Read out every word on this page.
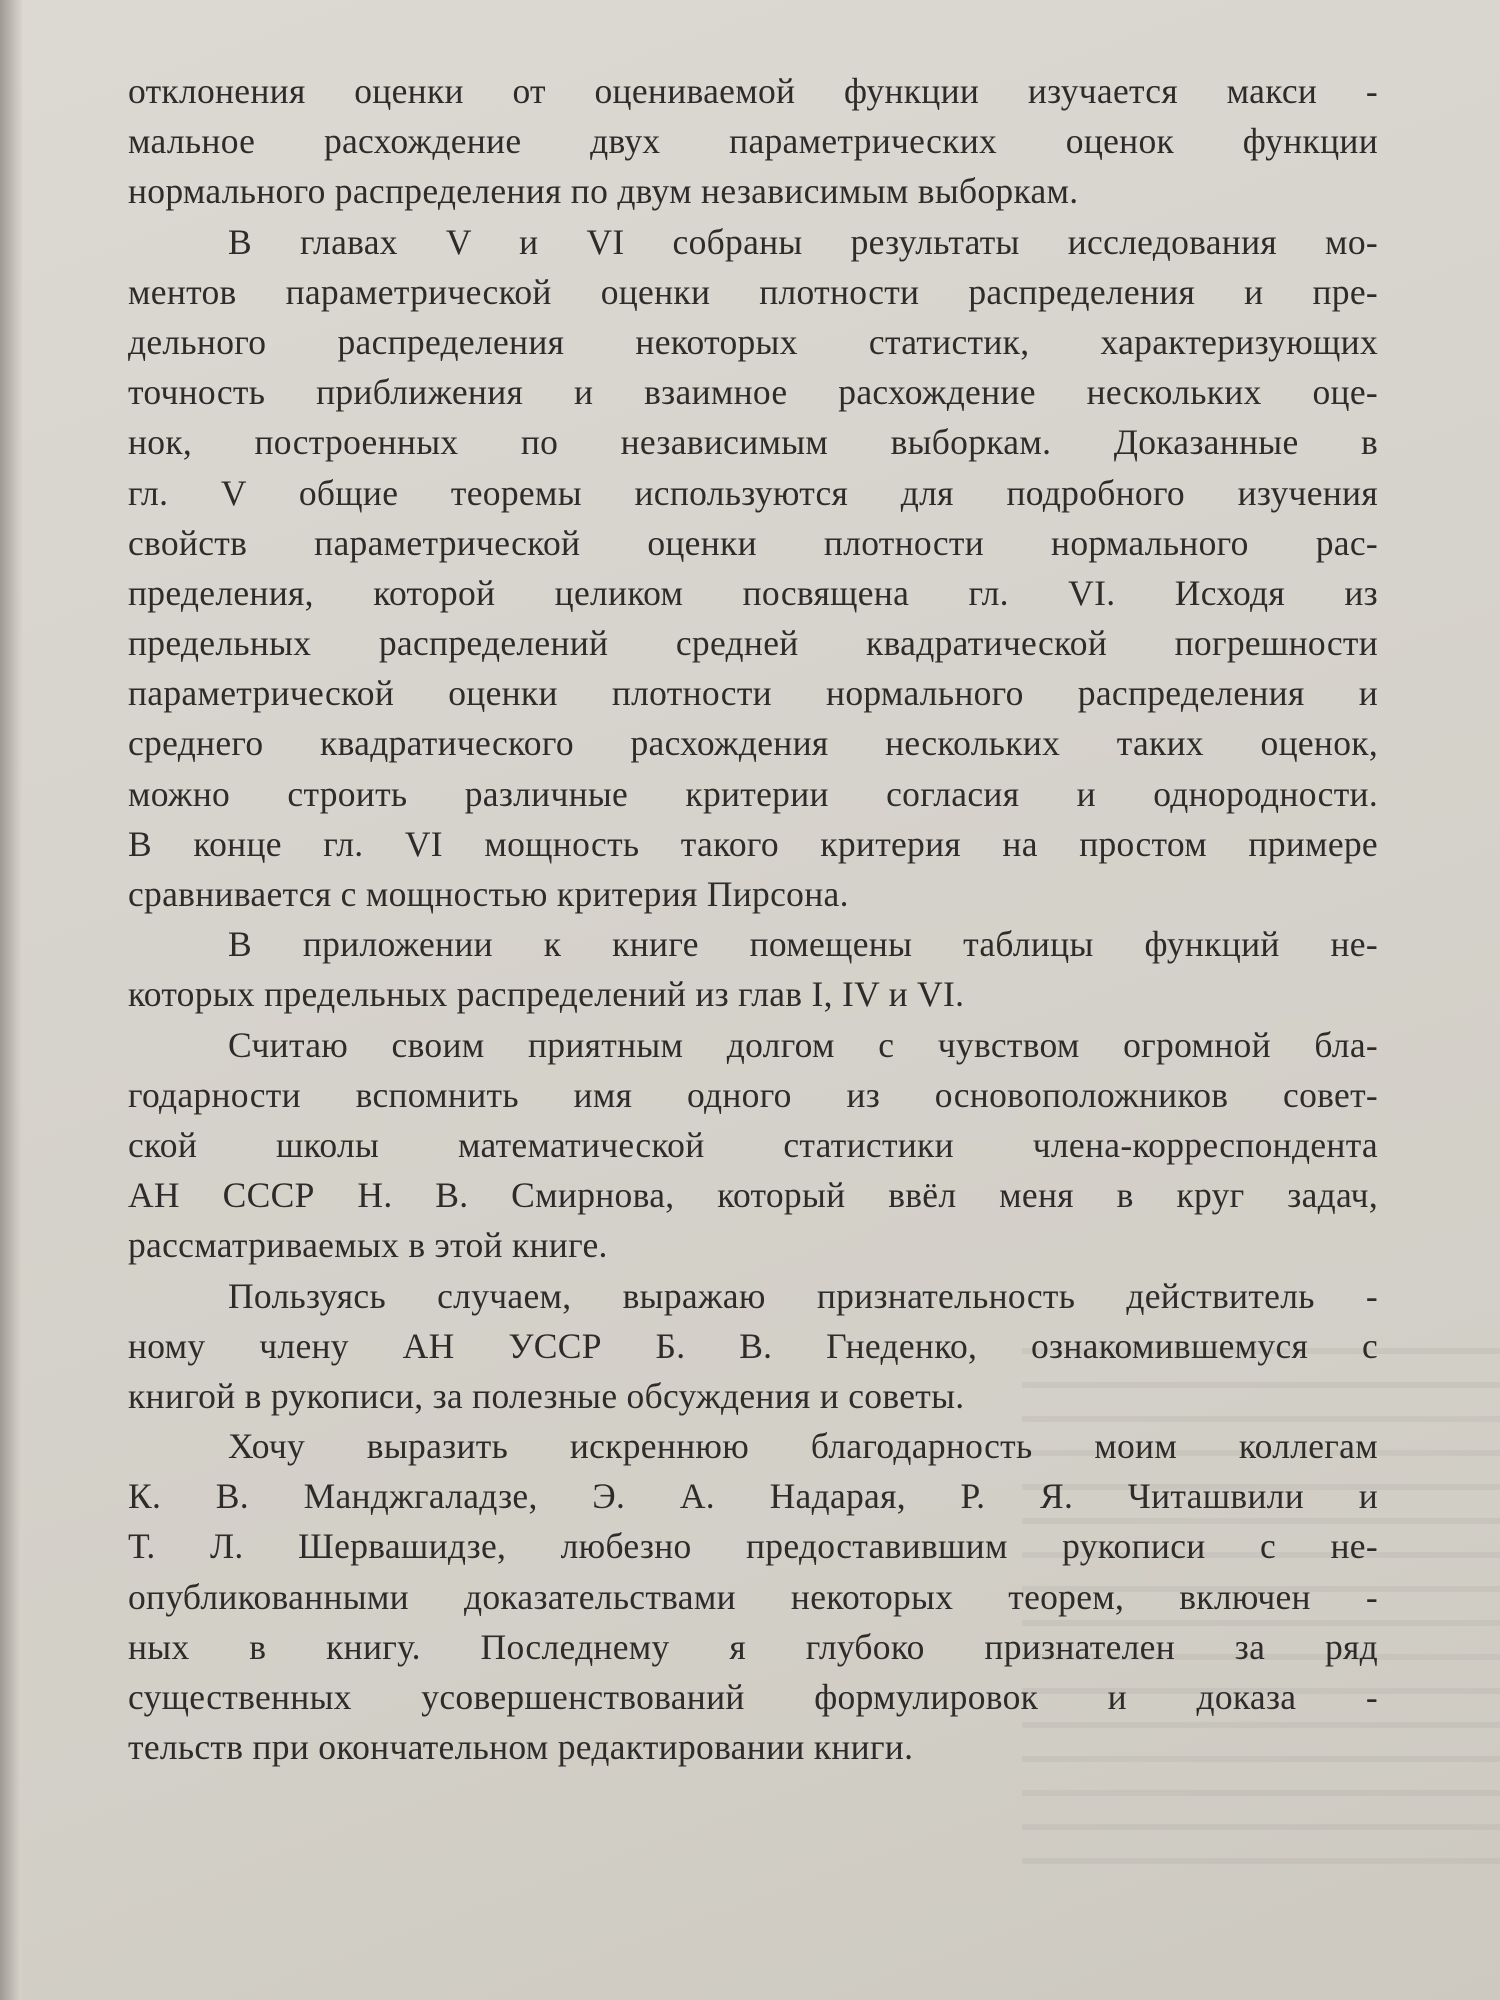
отклонения оценки от оцениваемой функции изучается макси -
мальное расхождение двух параметрических оценок функции
нормального распределения по двум независимым выборкам.
В главах V и VI собраны результаты исследования мо-
ментов параметрической оценки плотности распределения и пре-
дельного распределения некоторых статистик, характеризующих
точность приближения и взаимное расхождение нескольких оце-
нок, построенных по независимым выборкам. Доказанные в
гл. V общие теоремы используются для подробного изучения
свойств параметрической оценки плотности нормального рас-
пределения, которой целиком посвящена гл. VI. Исходя из
предельных распределений средней квадратической погрешности
параметрической оценки плотности нормального распределения и
среднего квадратического расхождения нескольких таких оценок,
можно строить различные критерии согласия и однородности.
В конце гл. VI мощность такого критерия на простом примере
сравнивается с мощностью критерия Пирсона.
В приложении к книге помещены таблицы функций не-
которых предельных распределений из глав I, IV и VI.
Считаю своим приятным долгом с чувством огромной бла-
годарности вспомнить имя одного из основоположников совет-
ской школы математической статистики члена-корреспондента
АН СССР Н. В. Смирнова, который ввёл меня в круг задач,
рассматриваемых в этой книге.
Пользуясь случаем, выражаю признательность действитель -
ному члену АН УССР Б. В. Гнеденко, ознакомившемуся с
книгой в рукописи, за полезные обсуждения и советы.
Хочу выразить искреннюю благодарность моим коллегам
К. В. Манджгаладзе, Э. А. Надарая, Р. Я. Читашвили и
Т. Л. Шервашидзе, любезно предоставившим рукописи с не-
опубликованными доказательствами некоторых теорем, включен -
ных в книгу. Последнему я глубоко признателен за ряд
существенных усовершенствований формулировок и доказа -
тельств при окончательном редактировании книги.
